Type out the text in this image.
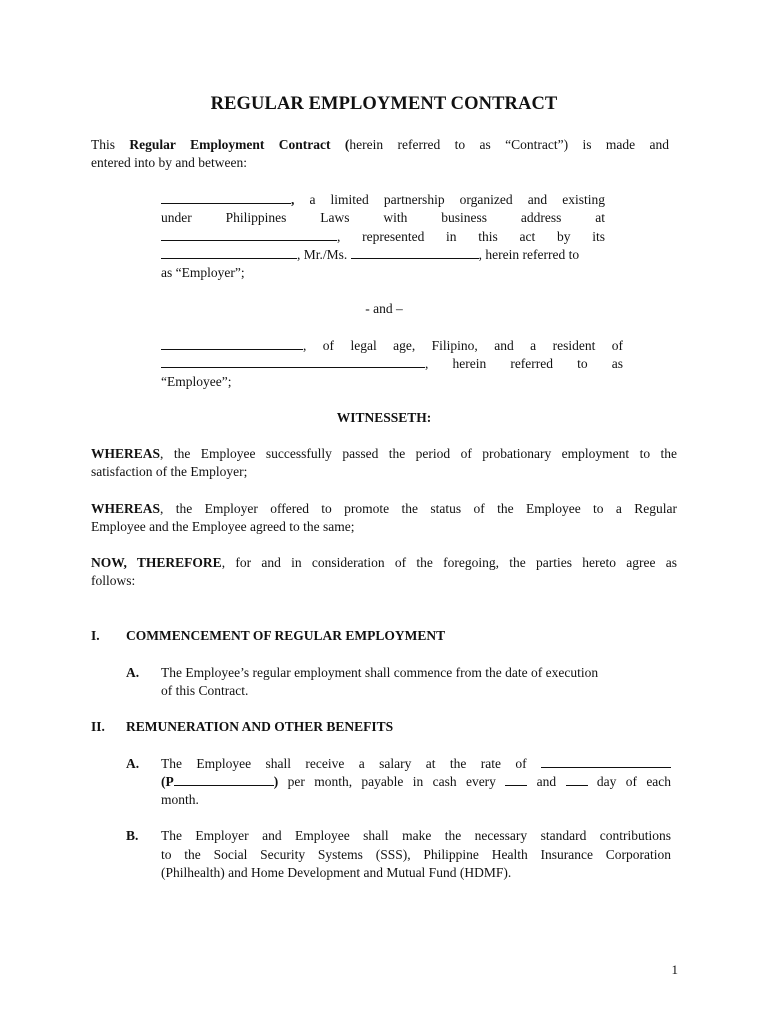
REGULAR EMPLOYMENT CONTRACT

This Regular Employment Contract (herein referred to as “Contract”) is made and

entered into by and between:

, a limited partnership organized and existing

under Philippines Laws with business address at

, represented in this act by its

, Mr./Ms.	, herein referred to

as “Employer”;

- and –

, of legal age, Filipino, and a resident of

, herein referred to as

“Employee”;

WITNESSETH:

WHEREAS, the Employee successfully passed the period of probationary employment to the

satisfaction of the Employer;

WHEREAS, the Employer offered to promote the status of the Employee to a Regular

Employee and the Employee agreed to the same;

NOW, THEREFORE, for and in consideration of the foregoing, the parties hereto agree as

follows:

I. COMMENCEMENT OF REGULAR EMPLOYMENT

A. The Employee’s regular employment shall commence from the date of execution

of this Contract.

II. REMUNERATION AND OTHER BENEFITS

A. The Employee shall receive a salary at the rate of

(P	) per month, payable in cash every	and	day of each

month.

B. The Employer and Employee shall make the necessary standard contributions

to the Social Security Systems (SSS), Philippine Health Insurance Corporation

(Philhealth) and Home Development and Mutual Fund (HDMF).

1
